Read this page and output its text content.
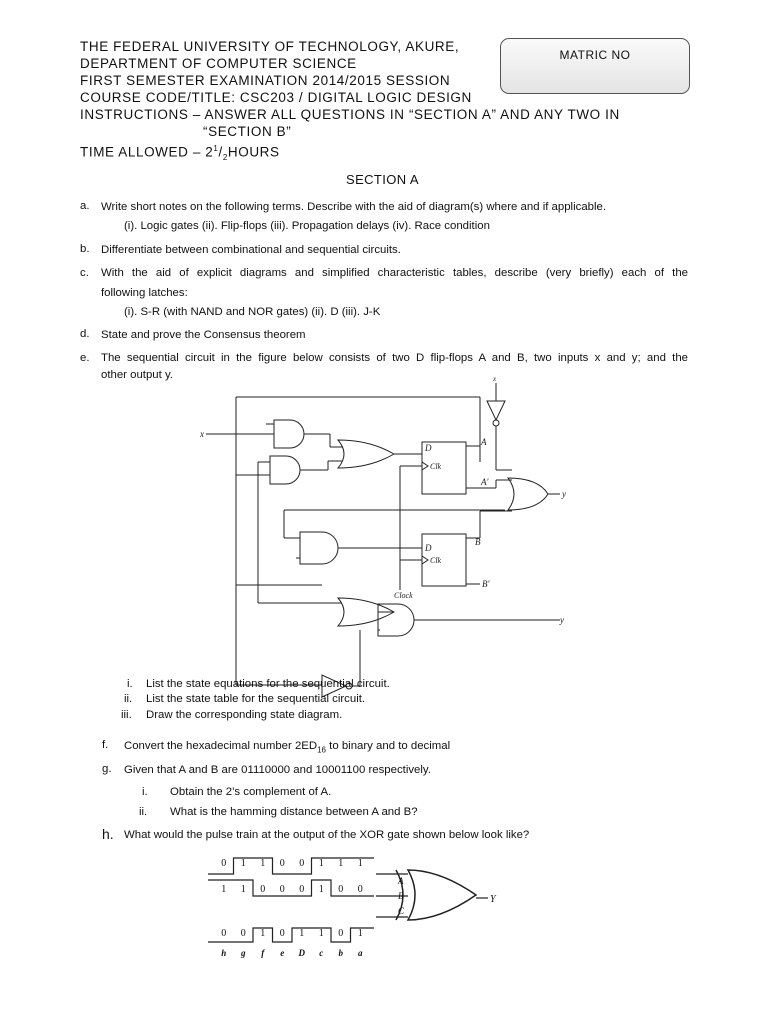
THE FEDERAL UNIVERSITY OF TECHNOLOGY, AKURE,
DEPARTMENT OF COMPUTER SCIENCE
FIRST SEMESTER EXAMINATION 2014/2015 SESSION
COURSE CODE/TITLE: CSC203 / DIGITAL LOGIC DESIGN
INSTRUCTIONS – ANSWER ALL QUESTIONS IN “SECTION A” AND ANY TWO IN
“SECTION B”
TIME ALLOWED – $2^1/_2HOURS$
MATRIC NO
SECTION A
a. Write short notes on the following terms. Describe with the aid of diagram(s) where and if applicable.
(i). Logic gates (ii). Flip-flops (iii). Propagation delays (iv). Race condition
b. Differentiate between combinational and sequential circuits.
c. With the aid of explicit diagrams and simplified characteristic tables, describe (very briefly) each of the
following latches:
(i). S-R (with NAND and NOR gates) (ii). D (iii). J-K
d. State and prove the Consensus theorem
e. The sequential circuit in the figure below consists of two D flip-flops A and B, two inputs x and y; and the
other output y.
x
D
Clk
A
A'
D
Clk
B
B'
Clock
x
y
y
i. List the state equations for the sequential circuit.
ii. List the state table for the sequential circuit.
iii. Draw the corresponding state diagram.
f. Convert the hexadecimal number $2ED_{16}$ to binary and to decimal
g. Given that A and B are 01110000 and 10001100 respectively.
i. Obtain the 2’s complement of A.
ii. What is the hamming distance between A and B?
h. What would the pulse train at the output of the XOR gate shown below look like?
0 1 1 0 0 1 1 1
1 1 0 0 0 1 0 0
0 0 1 0 1 1 0 1
h g f e D c b a
A
B
C
Y
